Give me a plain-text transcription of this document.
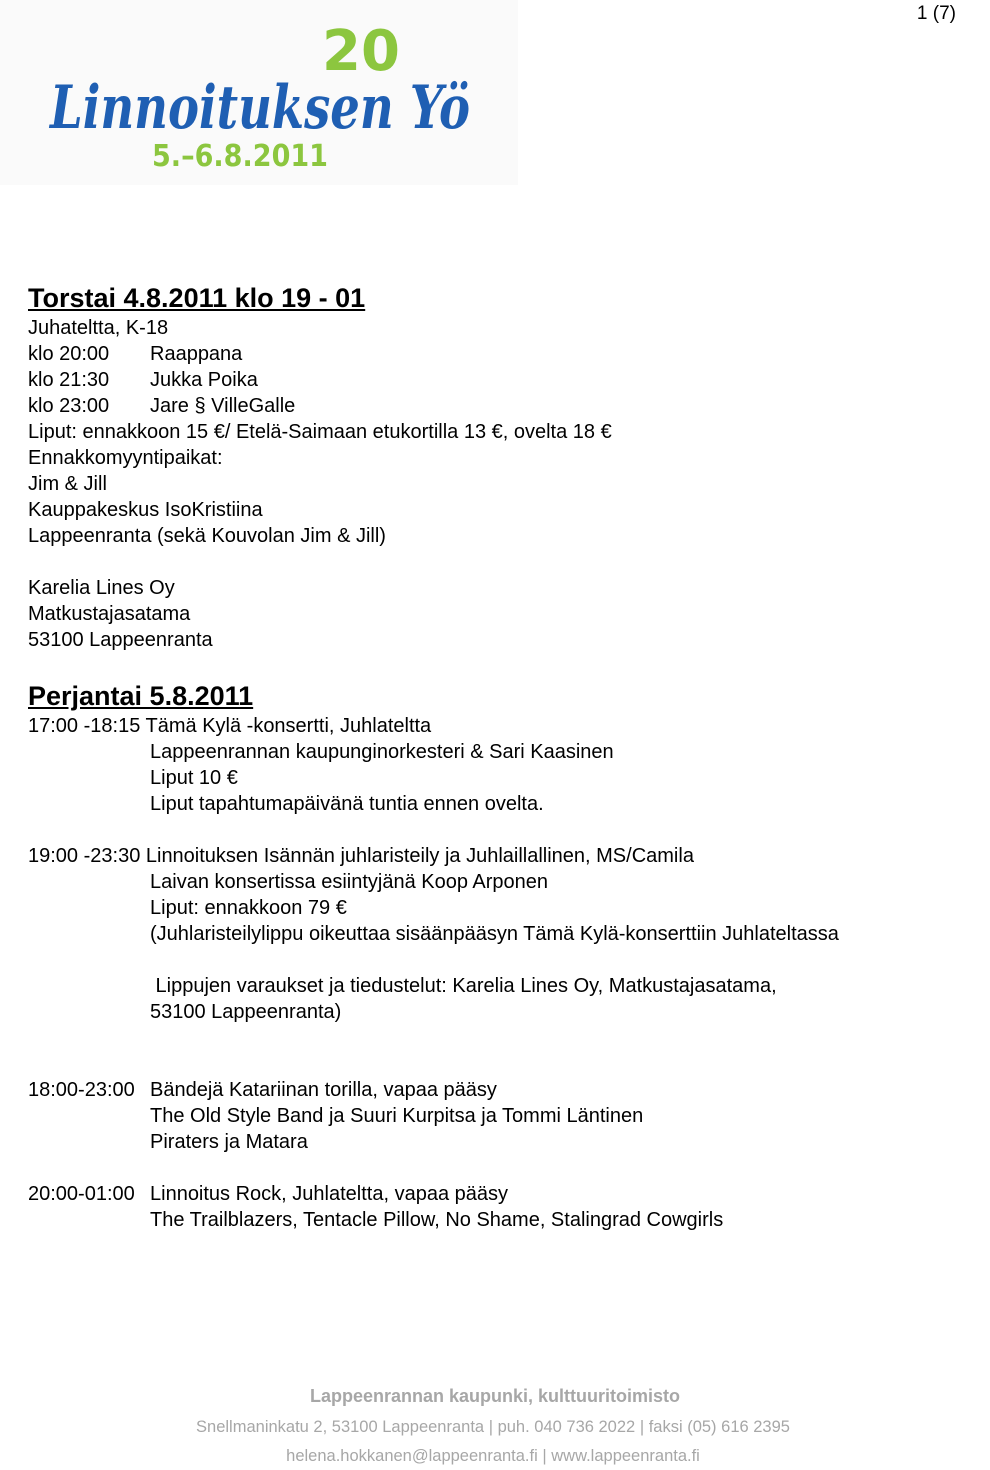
1 (7)
20
Linnoituksen Yö
5.–6.8.2011
Torstai 4.8.2011 klo 19 - 01
Juhateltta, K-18
klo 20:00 Raappana
klo 21:30 Jukka Poika
klo 23:00 Jare § VilleGalle
Liput: ennakkoon 15 €/ Etelä-Saimaan etukortilla 13 €, ovelta 18 €
Ennakkomyyntipaikat:
Jim & Jill
Kauppakeskus IsoKristiina
Lappeenranta (sekä Kouvolan Jim & Jill)
Karelia Lines Oy
Matkustajasatama
53100 Lappeenranta
Perjantai 5.8.2011
17:00 -18:15 Tämä Kylä -konsertti, Juhlateltta
Lappeenrannan kaupunginorkesteri & Sari Kaasinen
Liput 10 €
Liput tapahtumapäivänä tuntia ennen ovelta.
19:00 -23:30 Linnoituksen Isännän juhlaristeily ja Juhlaillallinen, MS/Camila
Laivan konsertissa esiintyjänä Koop Arponen
Liput: ennakkoon 79 €
(Juhlaristeilylippu oikeuttaa sisäänpääsyn Tämä Kylä-konserttiin Juhlateltassa
Lippujen varaukset ja tiedustelut: Karelia Lines Oy, Matkustajasatama,
53100 Lappeenranta)
18:00-23:00 Bändejä Katariinan torilla, vapaa pääsy
The Old Style Band ja Suuri Kurpitsa ja Tommi Läntinen
Piraters ja Matara
20:00-01:00 Linnoitus Rock, Juhlateltta, vapaa pääsy
The Trailblazers, Tentacle Pillow, No Shame, Stalingrad Cowgirls
Lappeenrannan kaupunki, kulttuuritoimisto
Snellmaninkatu 2, 53100 Lappeenranta | puh. 040 736 2022 | faksi (05) 616 2395
helena.hokkanen@lappeenranta.fi | www.lappeenranta.fi
